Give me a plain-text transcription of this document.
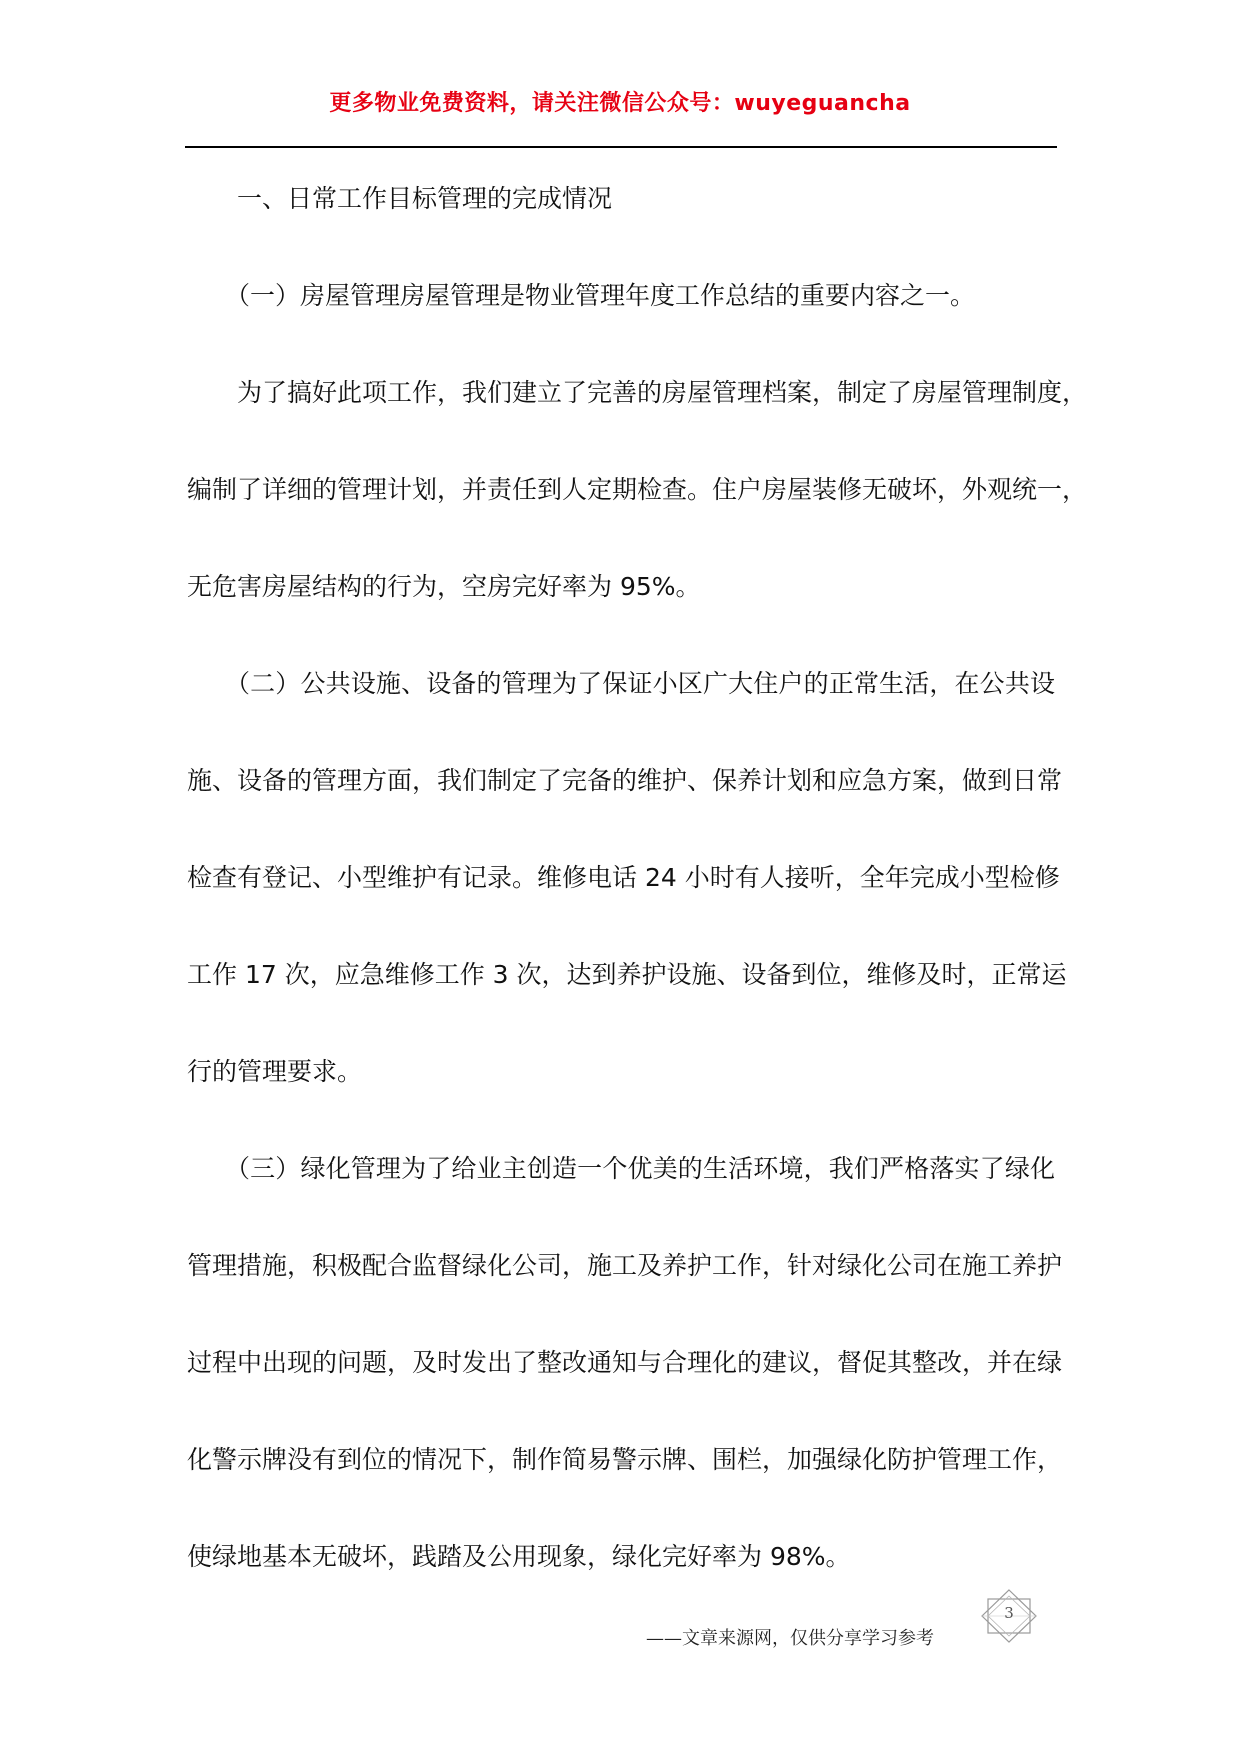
更多物业免费资料，请关注微信公众号：wuyeguancha
一、日常工作目标管理的完成情况
（一）房屋管理房屋管理是物业管理年度工作总结的重要内容之一。
为了搞好此项工作，我们建立了完善的房屋管理档案，制定了房屋管理制度，
编制了详细的管理计划，并责任到人定期检查。住户房屋装修无破坏，外观统一，
无危害房屋结构的行为，空房完好率为 95%。
（二）公共设施、设备的管理为了保证小区广大住户的正常生活，在公共设
施、设备的管理方面，我们制定了完备的维护、保养计划和应急方案，做到日常
检查有登记、小型维护有记录。维修电话 24 小时有人接听，全年完成小型检修
工作 17 次，应急维修工作 3 次，达到养护设施、设备到位，维修及时，正常运
行的管理要求。
（三）绿化管理为了给业主创造一个优美的生活环境，我们严格落实了绿化
管理措施，积极配合监督绿化公司，施工及养护工作，针对绿化公司在施工养护
过程中出现的问题，及时发出了整改通知与合理化的建议，督促其整改，并在绿
化警示牌没有到位的情况下，制作简易警示牌、围栏，加强绿化防护管理工作，
使绿地基本无破坏，践踏及公用现象，绿化完好率为 98%。
——文章来源网，仅供分享学习参考
3
